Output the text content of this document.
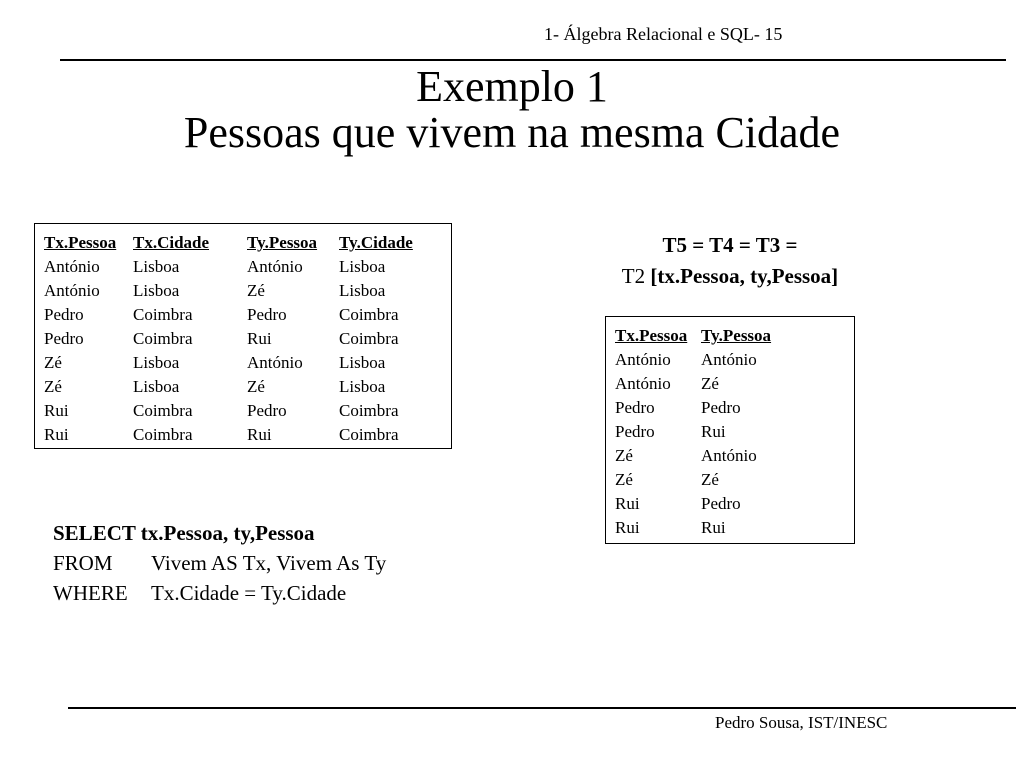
1- Álgebra Relacional e SQL- 15
Exemplo 1
Pessoas que vivem na mesma Cidade
Tx.Pessoa	Tx.Cidade	Ty.Pessoa	Ty.Cidade
António	Lisboa	António	Lisboa
António	Lisboa	Zé	Lisboa
Pedro	Coimbra	Pedro	Coimbra
Pedro	Coimbra	Rui	Coimbra
Zé	Lisboa	António	Lisboa
Zé	Lisboa	Zé	Lisboa
Rui	Coimbra	Pedro	Coimbra
Rui	Coimbra	Rui	Coimbra
T5 = T4 = T3 =
T2 [tx.Pessoa, ty,Pessoa]
Tx.Pessoa	Ty.Pessoa
António	António
António	Zé
Pedro	Pedro
Pedro	Rui
Zé	António
Zé	Zé
Rui	Pedro
Rui	Rui
SELECT tx.Pessoa, ty,Pessoa
FROM Vivem AS Tx, Vivem As Ty
WHERE Tx.Cidade = Ty.Cidade
Pedro Sousa, IST/INESC
